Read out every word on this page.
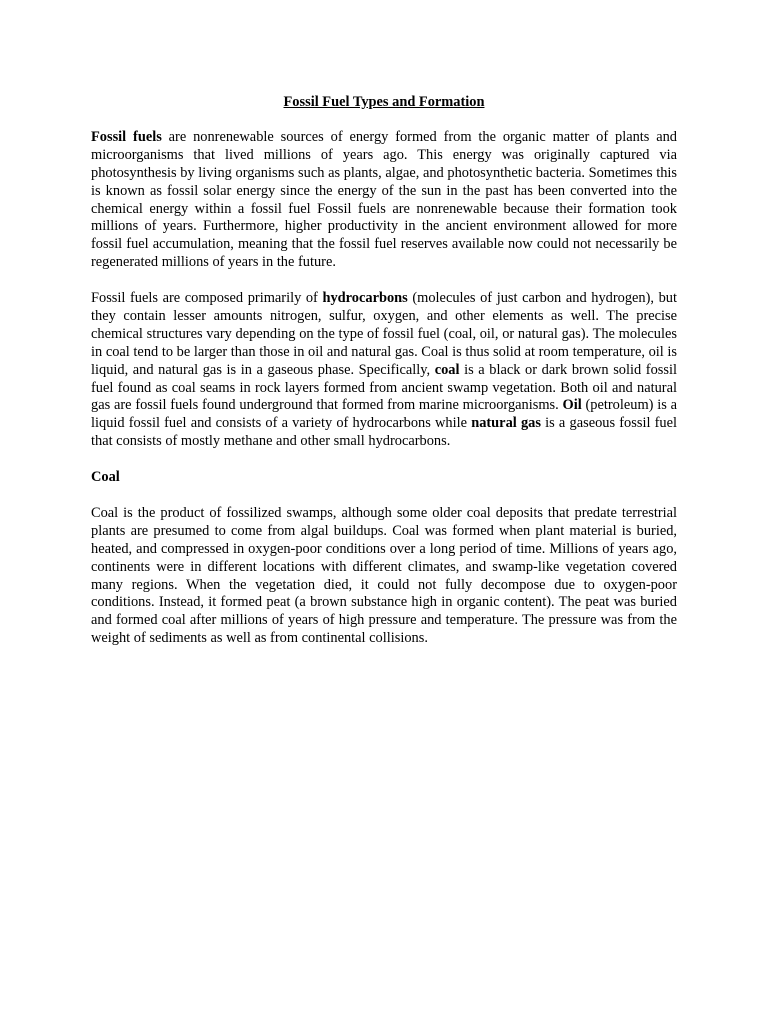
Fossil Fuel Types and Formation

Fossil fuels are nonrenewable sources of energy formed from the organic matter of plants and microorganisms that lived millions of years ago. This energy was originally captured via photosynthesis by living organisms such as plants, algae, and photosynthetic bacteria. Sometimes this is known as fossil solar energy since the energy of the sun in the past has been converted into the chemical energy within a fossil fuel Fossil fuels are nonrenewable because their formation took millions of years. Furthermore, higher productivity in the ancient environment allowed for more fossil fuel accumulation, meaning that the fossil fuel reserves available now could not necessarily be regenerated millions of years in the future.

Fossil fuels are composed primarily of hydrocarbons (molecules of just carbon and hydrogen), but they contain lesser amounts nitrogen, sulfur, oxygen, and other elements as well. The precise chemical structures vary depending on the type of fossil fuel (coal, oil, or natural gas). The molecules in coal tend to be larger than those in oil and natural gas. Coal is thus solid at room temperature, oil is liquid, and natural gas is in a gaseous phase. Specifically, coal is a black or dark brown solid fossil fuel found as coal seams in rock layers formed from ancient swamp vegetation. Both oil and natural gas are fossil fuels found underground that formed from marine microorganisms. Oil (petroleum) is a liquid fossil fuel and consists of a variety of hydrocarbons while natural gas is a gaseous fossil fuel that consists of mostly methane and other small hydrocarbons.

Coal

Coal is the product of fossilized swamps, although some older coal deposits that predate terrestrial plants are presumed to come from algal buildups. Coal was formed when plant material is buried, heated, and compressed in oxygen-poor conditions over a long period of time. Millions of years ago, continents were in different locations with different climates, and swamp-like vegetation covered many regions. When the vegetation died, it could not fully decompose due to oxygen-poor conditions. Instead, it formed peat (a brown substance high in organic content). The peat was buried and formed coal after millions of years of high pressure and temperature. The pressure was from the weight of sediments as well as from continental collisions.
